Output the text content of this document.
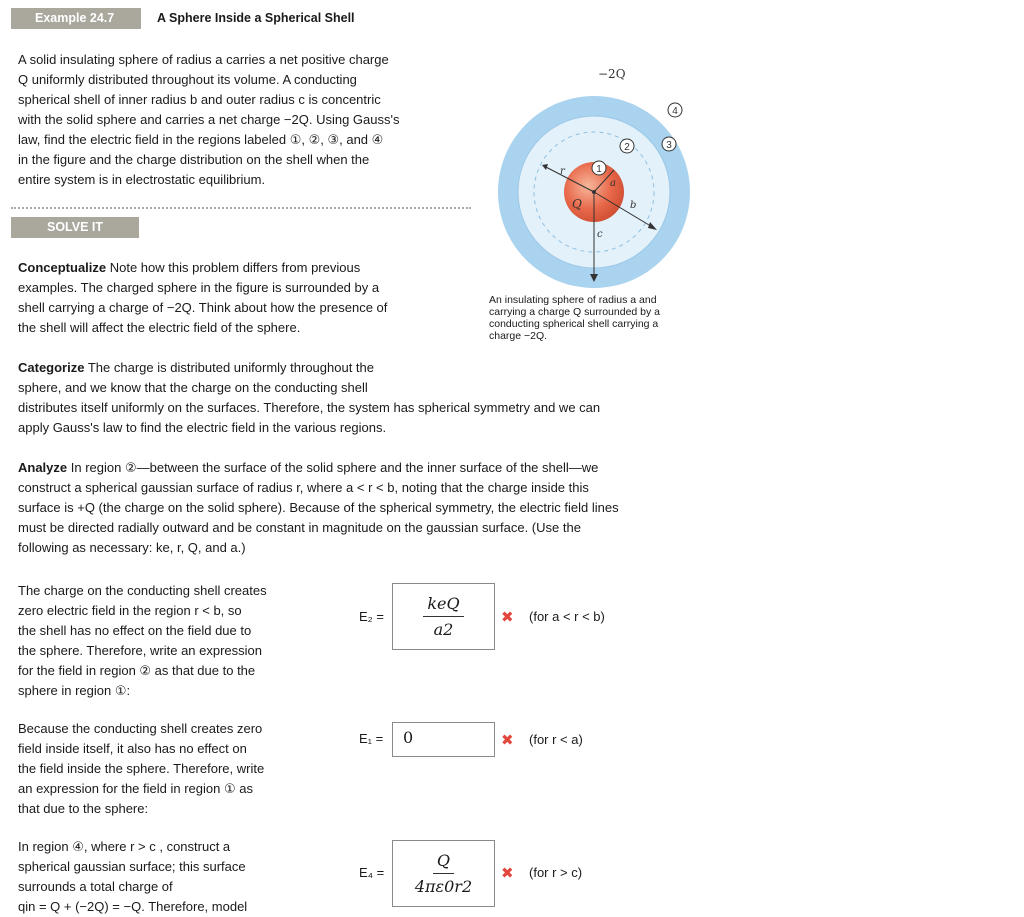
Example 24.7	A Sphere Inside a Spherical Shell
A solid insulating sphere of radius a carries a net positive charge
Q uniformly distributed throughout its volume. A conducting
spherical shell of inner radius b and outer radius c is concentric
with the solid sphere and carries a net charge −2Q. Using Gauss's
law, find the electric field in the regions labeled ①, ②, ③, and ④
in the figure and the charge distribution on the shell when the
entire system is in electrostatic equilibrium.
SOLVE IT
−2Q
r
a
b
c
Q
1
2	3
4
An insulating sphere of radius a and
carrying a charge Q surrounded by a
conducting spherical shell carrying a
charge −2Q.
Conceptualize Note how this problem differs from previous
examples. The charged sphere in the figure is surrounded by a
shell carrying a charge of −2Q. Think about how the presence of
the shell will affect the electric field of the sphere.
Categorize The charge is distributed uniformly throughout the
sphere, and we know that the charge on the conducting shell
distributes itself uniformly on the surfaces. Therefore, the system has spherical symmetry and we can
apply Gauss's law to find the electric field in the various regions.
Analyze In region ②—between the surface of the solid sphere and the inner surface of the shell—we
construct a spherical gaussian surface of radius r, where a < r < b, noting that the charge inside this
surface is +Q (the charge on the solid sphere). Because of the spherical symmetry, the electric field lines
must be directed radially outward and be constant in magnitude on the gaussian surface. (Use the
following as necessary: ke, r, Q, and a.)
The charge on the conducting shell creates
zero electric field in the region r < b, so
the shell has no effect on the field due to
the sphere. Therefore, write an expression
for the field in region ② as that due to the
sphere in region ①:
$E_2 = \frac{\text{keQ}}{a2}$ ✖ (for a < r < b)
Because the conducting shell creates zero
field inside itself, it also has no effect on
the field inside the sphere. Therefore, write
an expression for the field in region ① as
that due to the sphere:
E₁ =	0	✖ (for r < a)
In region ④, where r > c , construct a
spherical gaussian surface; this surface
surrounds a total charge of
qin = Q + (−2Q) = −Q. Therefore, model
$E_4 = \frac{Q}{4\pi\varepsilon 0r2}$ ✖ (for r > c)
